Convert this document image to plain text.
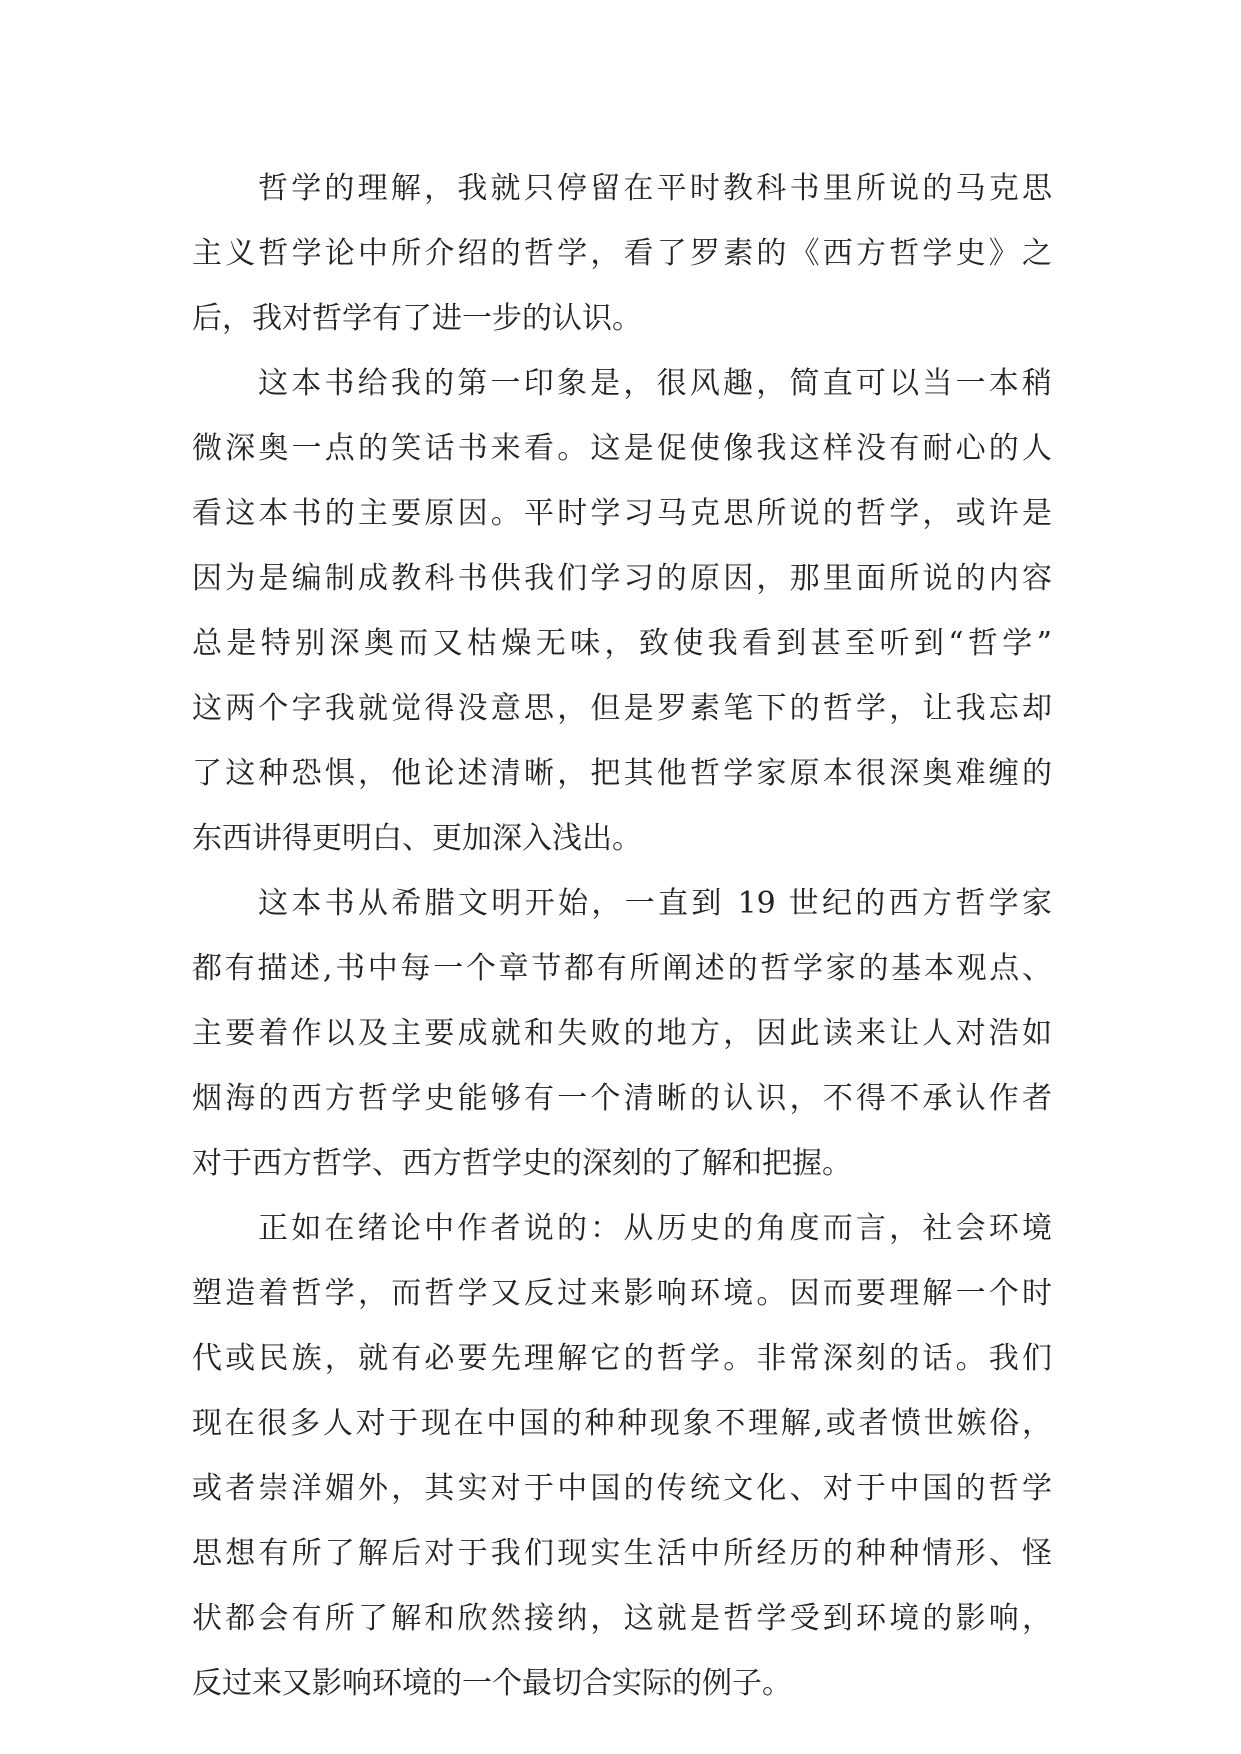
哲学的理解，我就只停留在平时教科书里所说的马克思
主义哲学论中所介绍的哲学，看了罗素的《西方哲学史》之
后，我对哲学有了进一步的认识。
这本书给我的第一印象是，很风趣，简直可以当一本稍
微深奥一点的笑话书来看。这是促使像我这样没有耐心的人
看这本书的主要原因。平时学习马克思所说的哲学，或许是
因为是编制成教科书供我们学习的原因，那里面所说的内容
总是特别深奥而又枯燥无味，致使我看到甚至听到“哲学”
这两个字我就觉得没意思，但是罗素笔下的哲学，让我忘却
了这种恐惧，他论述清晰，把其他哲学家原本很深奥难缠的
东西讲得更明白、更加深入浅出。
这本书从希腊文明开始，一直到 19 世纪的西方哲学家
都有描述,书中每一个章节都有所阐述的哲学家的基本观点、
主要着作以及主要成就和失败的地方，因此读来让人对浩如
烟海的西方哲学史能够有一个清晰的认识，不得不承认作者
对于西方哲学、西方哲学史的深刻的了解和把握。
正如在绪论中作者说的：从历史的角度而言，社会环境
塑造着哲学，而哲学又反过来影响环境。因而要理解一个时
代或民族，就有必要先理解它的哲学。非常深刻的话。我们
现在很多人对于现在中国的种种现象不理解,或者愤世嫉俗，
或者崇洋媚外，其实对于中国的传统文化、对于中国的哲学
思想有所了解后对于我们现实生活中所经历的种种情形、怪
状都会有所了解和欣然接纳，这就是哲学受到环境的影响，
反过来又影响环境的一个最切合实际的例子。
